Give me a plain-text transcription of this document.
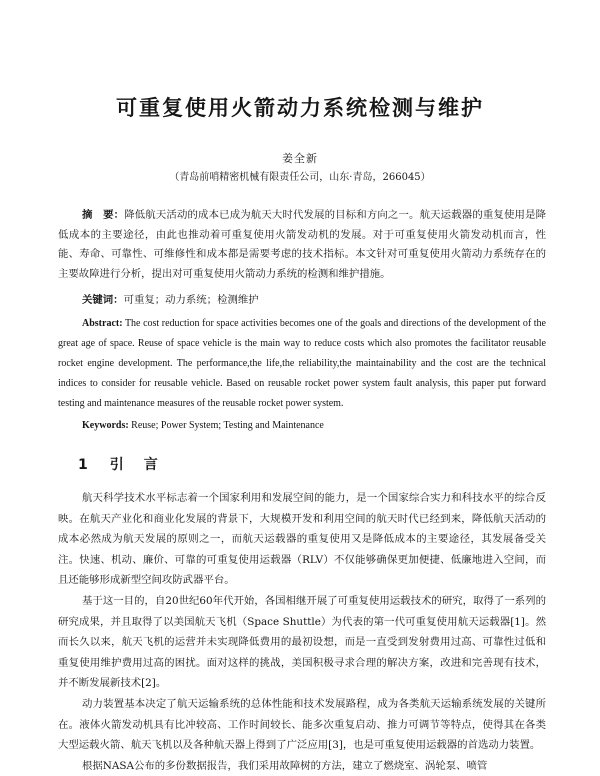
可重复使用火箭动力系统检测与维护
姜全新
（青岛前哨精密机械有限责任公司，山东·青岛，266045）
摘　要：降低航天活动的成本已成为航天大时代发展的目标和方向之一。航天运载器的重复使用是降低成本的主要途径，由此也推动着可重复使用火箭发动机的发展。对于可重复使用火箭发动机而言，性能、寿命、可靠性、可维修性和成本都是需要考虑的技术指标。本文针对可重复使用火箭动力系统存在的主要故障进行分析，提出对可重复使用火箭动力系统的检测和维护措施。
关键词：可重复；动力系统；检测维护
Abstract: The cost reduction for space activities becomes one of the goals and directions of the development of the great age of space. Reuse of space vehicle is the main way to reduce costs which also promotes the facilitator reusable rocket engine development. The performance,the life,the reliability,the maintainability and the cost are the technical indices to consider for reusable vehicle. Based on reusable rocket power system fault analysis, this paper put forward testing and maintenance measures of the reusable rocket power system.
Keywords: Reuse; Power System; Testing and Maintenance
1 引言

航天科学技术水平标志着一个国家利用和发展空间的能力，是一个国家综合实力和科技水平的综合反映。在航天产业化和商业化发展的背景下，大规模开发和利用空间的航天时代已经到来，降低航天活动的成本必然成为航天发展的原则之一，而航天运载器的重复使用又是降低成本的主要途径，其发展备受关注。快速、机动、廉价、可靠的可重复使用运载器（RLV）不仅能够确保更加便捷、低廉地进入空间，而且还能够形成新型空间攻防武器平台。

基于这一目的，自20世纪60年代开始，各国相继开展了可重复使用运载技术的研究，取得了一系列的研究成果，并且取得了以美国航天飞机（Space Shuttle）为代表的第一代可重复使用航天运载器[1]。然而长久以来，航天飞机的运营并未实现降低费用的最初设想，而是一直受到发射费用过高、可靠性过低和重复使用维护费用过高的困扰。面对这样的挑战，美国积极寻求合理的解决方案，改进和完善现有技术，并不断发展新技术[2]。

动力装置基本决定了航天运输系统的总体性能和技术发展路程，成为各类航天运输系统发展的关键所在。液体火箭发动机具有比冲较高、工作时间较长、能多次重复启动、推力可调节等特点，使得其在各类大型运载火箭、航天飞机以及各种航天器上得到了广泛应用[3]，也是可重复使用运载器的首选动力装置。

根据NASA公布的多份数据报告，我们采用故障树的方法，建立了燃烧室、涡轮泵、喷管
